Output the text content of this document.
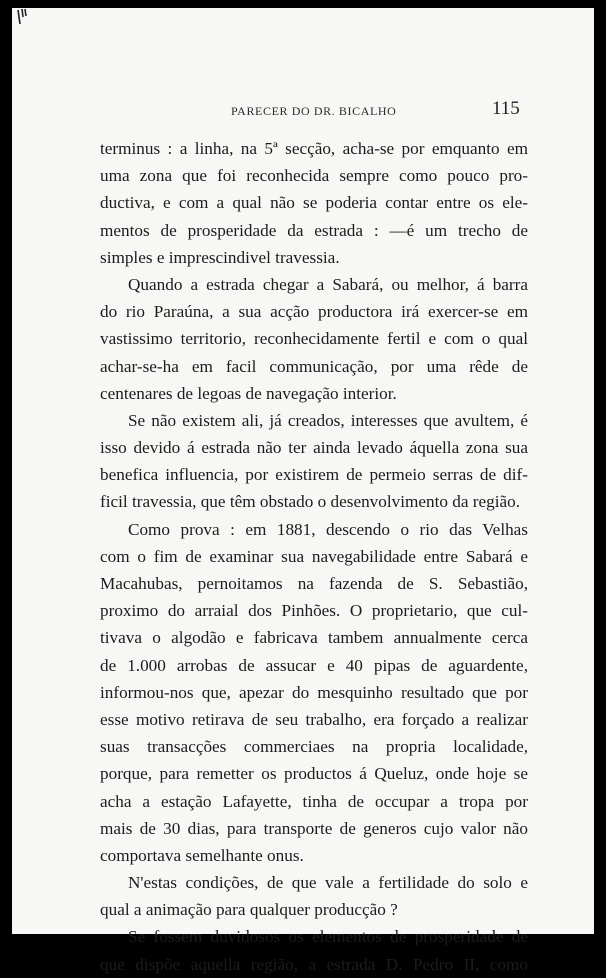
PARECER DO DR. BICALHO	115
terminus : a linha, na 5ª secção, acha-se por emquanto em
uma zona que foi reconhecida sempre como pouco pro-
ductiva, e com a qual não se poderia contar entre os ele-
mentos de prosperidade da estrada : —é um trecho de
simples e imprescindivel travessia.
Quando a estrada chegar a Sabará, ou melhor, á barra
do rio Paraúna, a sua acção productora irá exercer-se em
vastissimo territorio, reconhecidamente fertil e com o qual
achar-se-ha em facil communicação, por uma rêde de
centenares de legoas de navegação interior.
Se não existem ali, já creados, interesses que avultem, é
isso devido á estrada não ter ainda levado áquella zona sua
benefica influencia, por existirem de permeio serras de dif-
ficil travessia, que têm obstado o desenvolvimento da região.
Como prova : em 1881, descendo o rio das Velhas
com o fim de examinar sua navegabilidade entre Sabará e
Macahubas, pernoitamos na fazenda de S. Sebastião,
proximo do arraial dos Pinhões. O proprietario, que cul-
tivava o algodão e fabricava tambem annualmente cerca
de 1.000 arrobas de assucar e 40 pipas de aguardente,
informou-nos que, apezar do mesquinho resultado que por
esse motivo retirava de seu trabalho, era forçado a realizar
suas transacções commerciaes na propria localidade,
porque, para remetter os productos á Queluz, onde hoje se
acha a estação Lafayette, tinha de occupar a tropa por
mais de 30 dias, para transporte de generos cujo valor não
comportava semelhante onus.
N'estas condições, de que vale a fertilidade do solo e
qual a animação para qualquer producção ?
Se fossem duvidosos os elementos de prosperidade de
que dispõe aquella região, a estrada D. Pedro II, como
